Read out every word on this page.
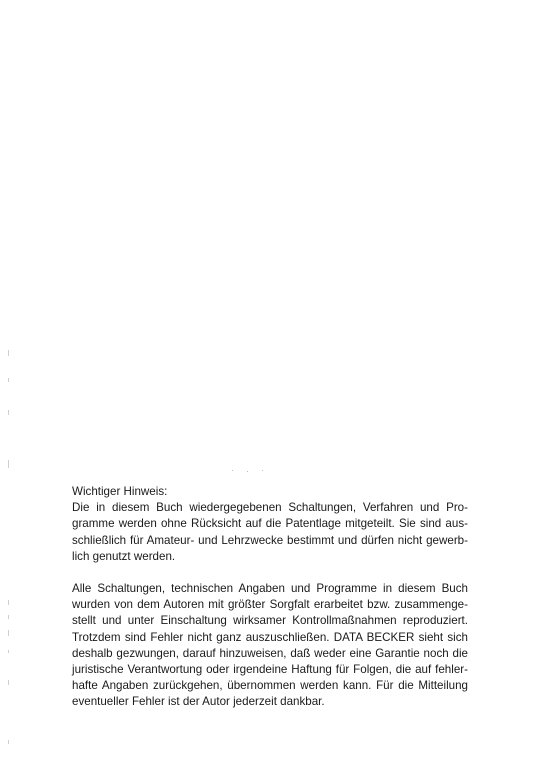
Wichtiger Hinweis:
Die in diesem Buch wiedergegebenen Schaltungen, Verfahren und Pro-
gramme werden ohne Rücksicht auf die Patentlage mitgeteilt. Sie sind aus-
schließlich für Amateur- und Lehrzwecke bestimmt und dürfen nicht gewerb-
lich genutzt werden.
Alle Schaltungen, technischen Angaben und Programme in diesem Buch
wurden von dem Autoren mit größter Sorgfalt erarbeitet bzw. zusammenge-
stellt und unter Einschaltung wirksamer Kontrollmaßnahmen reproduziert.
Trotzdem sind Fehler nicht ganz auszuschließen. DATA BECKER sieht sich
deshalb gezwungen, darauf hinzuweisen, daß weder eine Garantie noch die
juristische Verantwortung oder irgendeine Haftung für Folgen, die auf fehler-
hafte Angaben zurückgehen, übernommen werden kann. Für die Mitteilung
eventueller Fehler ist der Autor jederzeit dankbar.
